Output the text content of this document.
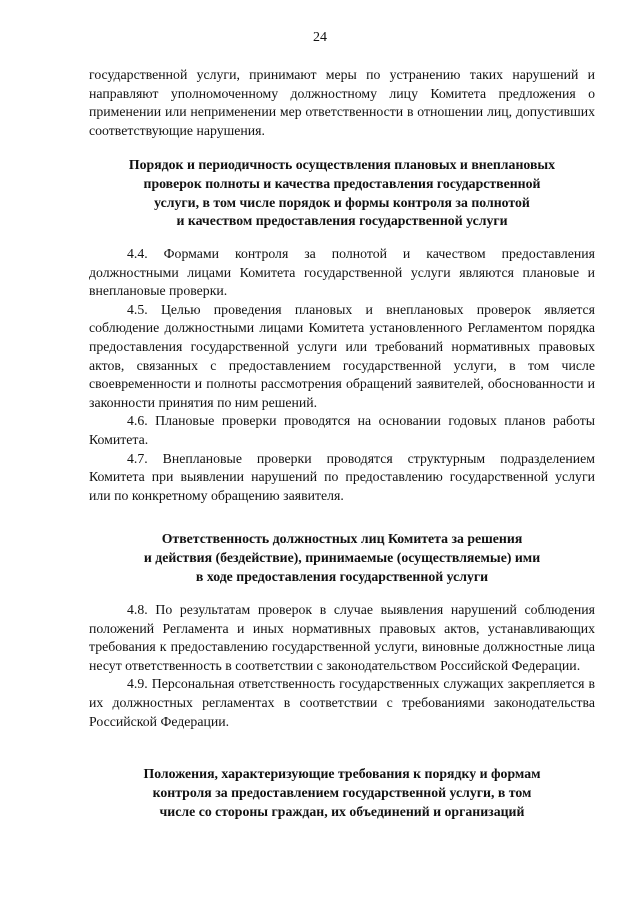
24

государственной услуги, принимают меры по устранению таких нарушений и направляют уполномоченному должностному лицу Комитета предложения о применении или неприменении мер ответственности в отношении лиц, допустивших соответствующие нарушения.

Порядок и периодичность осуществления плановых и внеплановых
проверок полноты и качества предоставления государственной
услуги, в том числе порядок и формы контроля за полнотой
и качеством предоставления государственной услуги

4.4. Формами контроля за полнотой и качеством предоставления должностными лицами Комитета государственной услуги являются плановые и внеплановые проверки.

4.5. Целью проведения плановых и внеплановых проверок является соблюдение должностными лицами Комитета установленного Регламентом порядка предоставления государственной услуги или требований нормативных правовых актов, связанных с предоставлением государственной услуги, в том числе своевременности и полноты рассмотрения обращений заявителей, обоснованности и законности принятия по ним решений.

4.6. Плановые проверки проводятся на основании годовых планов работы Комитета.

4.7. Внеплановые проверки проводятся структурным подразделением Комитета при выявлении нарушений по предоставлению государственной услуги или по конкретному обращению заявителя.

Ответственность должностных лиц Комитета за решения
и действия (бездействие), принимаемые (осуществляемые) ими
в ходе предоставления государственной услуги

4.8. По результатам проверок в случае выявления нарушений соблюдения положений Регламента и иных нормативных правовых актов, устанавливающих требования к предоставлению государственной услуги, виновные должностные лица несут ответственность в соответствии с законодательством Российской Федерации.

4.9. Персональная ответственность государственных служащих закрепляется в их должностных регламентах в соответствии с требованиями законодательства Российской Федерации.

Положения, характеризующие требования к порядку и формам
контроля за предоставлением государственной услуги, в том
числе со стороны граждан, их объединений и организаций
